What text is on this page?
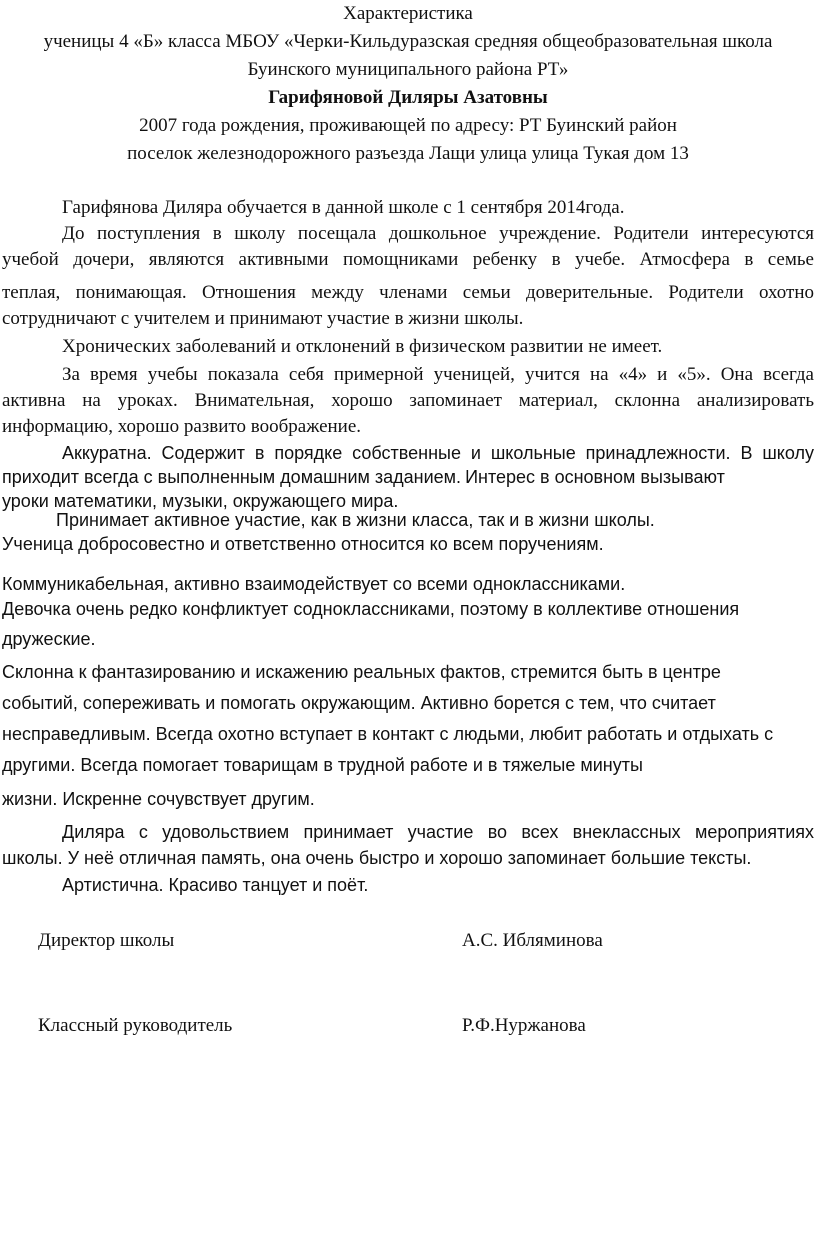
Характеристика
ученицы 4 «Б» класса МБОУ «Черки-Кильдуразская средняя общеобразовательная школа
Буинского муниципального района РТ»
Гарифяновой Диляры Азатовны
2007 года рождения, проживающей по адресу: РТ Буинский район
поселок железнодорожного разъезда Лащи улица улица Тукая дом 13
Гарифянова Диляра обучается в данной школе с 1 сентября 2014года.
До поступления в школу посещала дошкольное учреждение. Родители интересуются
учебой дочери, являются активными помощниками ребенку в учебе. Атмосфера в семье
теплая, понимающая. Отношения между членами семьи доверительные. Родители охотно
сотрудничают с учителем и принимают участие в жизни школы.
Хронических заболеваний и отклонений в физическом развитии не имеет.
За время учебы показала себя примерной ученицей, учится на «4» и «5». Она всегда
активна на уроках. Внимательная, хорошо запоминает материал, склонна анализировать
информацию, хорошо развито воображение.
Аккуратна. Содержит в порядке собственные и школьные принадлежности. В школу
приходит всегда с выполненным домашним заданием. Интерес в основном вызывают
уроки математики, музыки, окружающего мира.
Принимает активное участие, как в жизни класса, так и в жизни школы.
Ученица добросовестно и ответственно относится ко всем поручениям.
Коммуникабельная, активно взаимодействует со всеми одноклассниками.
Девочка очень редко конфликтует содноклассниками, поэтому в коллективе отношения
дружеские.
Склонна к фантазированию и искажению реальных фактов, стремится быть в центре
событий, сопереживать и помогать окружающим. Активно борется с тем, что считает
несправедливым. Всегда охотно вступает в контакт с людьми, любит работать и отдыхать с
другими. Всегда помогает товарищам в трудной работе и в тяжелые минуты
жизни. Искренне сочувствует другим.
Диляра с удовольствием принимает участие во всех внеклассных мероприятиях
школы. У неё отличная память, она очень быстро и хорошо запоминает большие тексты.
Артистична. Красиво танцует и поёт.
Директор школы	А.С. Ибляминова
Классный руководитель	Р.Ф.Нуржанова
